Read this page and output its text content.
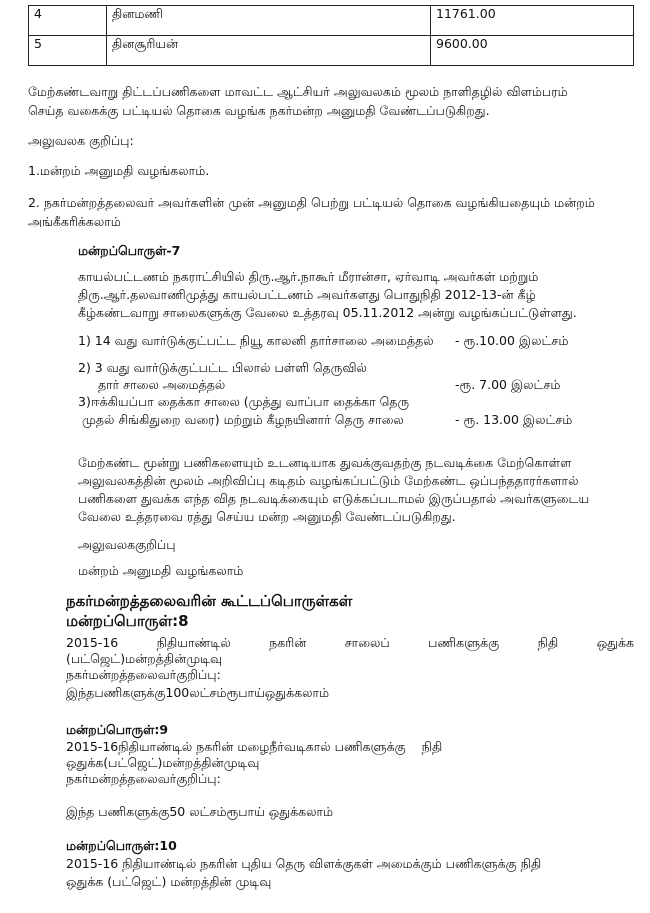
4	தினமணி	11761.00
5	தினசூரியன்	9600.00
மேற்கண்டவாறு திட்டப்பணிகளை மாவட்ட ஆட்சியர் அலுவலகம் மூலம் நாளிதழில் விளம்பரம்
செய்த வகைக்கு பட்டியல் தொகை வழங்க நகர்மன்ற அனுமதி வேண்டப்படுகிறது.
அலுவலக குறிப்பு:
1.மன்றம் அனுமதி வழங்கலாம்.
2. நகர்மன்றத்தலைவர் அவர்களின் முன் அனுமதி பெற்று பட்டியல் தொகை வழங்கியதையும் மன்றம்
அங்கீகரிக்கலாம்
மன்றப்பொருள்-7
காயல்பட்டணம் நகராட்சியில் திரு.ஆர்.நாகூர் மீரான்சா, ஏர்வாடி அவர்கள் மற்றும்
திரு.ஆர்.தலவாணிமுத்து காயல்பட்டணம் அவர்களது பொதுநிதி 2012-13-ன் கீழ்
கீழ்கண்டவாறு சாலைகளுக்கு வேலை உத்தரவு 05.11.2012 அன்று வழங்கப்பட்டுள்ளது.
1) 14 வது வார்டுக்குட்பட்ட நியூ காலனி தார்சாலை அமைத்தல் - ரூ.10.00 இலட்சம்
2) 3 வது வார்டுக்குட்பட்ட பிலால் பள்ளி தெருவில்
தார் சாலை அமைத்தல்	-ரூ. 7.00 இலட்சம்
3)ஈக்கியப்பா தைக்கா சாலை (முத்து வாப்பா தைக்கா தெரு
முதல் சிங்கிதுறை வரை) மற்றும் கீழநயினார் தெரு சாலை	- ரூ. 13.00 இலட்சம்
மேற்கண்ட மூன்று பணிகளையும் உடனடியாக துவக்குவதற்கு நடவடிக்கை மேற்கொள்ள
அலுவலகத்தின் மூலம் அறிவிப்பு கடிதம் வழங்கப்பட்டும் மேற்கண்ட ஒப்பந்ததாரர்களால்
பணிகளை துவக்க எந்த வித நடவடிக்கையும் எடுக்கப்படாமல் இருப்பதால் அவர்களுடைய
வேலை உத்தரவை ரத்து செய்ய மன்ற அனுமதி வேண்டப்படுகிறது.
அலுவலககுறிப்பு
மன்றம் அனுமதி வழங்கலாம்
நகர்மன்றத்தலைவரின் கூட்டப்பொருள்கள்
மன்றப்பொருள்:8
2015-16	நிதியாண்டில்	நகரின்	சாலைப்	பணிகளுக்கு	நிதி	ஒதுக்க
(பட்ஜெட்)மன்றத்தின்முடிவு
நகர்மன்றத்தலைவர்குறிப்பு:
இந்தபணிகளுக்கு100லட்சம்ரூபாய்ஒதுக்கலாம்
மன்றப்பொருள்:9
2015-16நிதியாண்டில் நகரின் மழைநீர்வடிகால் பணிகளுக்கு    நிதி
ஒதுக்க(பட்ஜெட்)மன்றத்தின்முடிவு
நகர்மன்றத்தலைவர்குறிப்பு:
இந்த பணிகளுக்கு50 லட்சம்ரூபாய் ஒதுக்கலாம்
மன்றப்பொருள்:10
2015-16 நிதியாண்டில் நகரின் புதிய தெரு விளக்குகள் அமைக்கும் பணிகளுக்கு நிதி
ஒதுக்க (பட்ஜெட்) மன்றத்தின் முடிவு
